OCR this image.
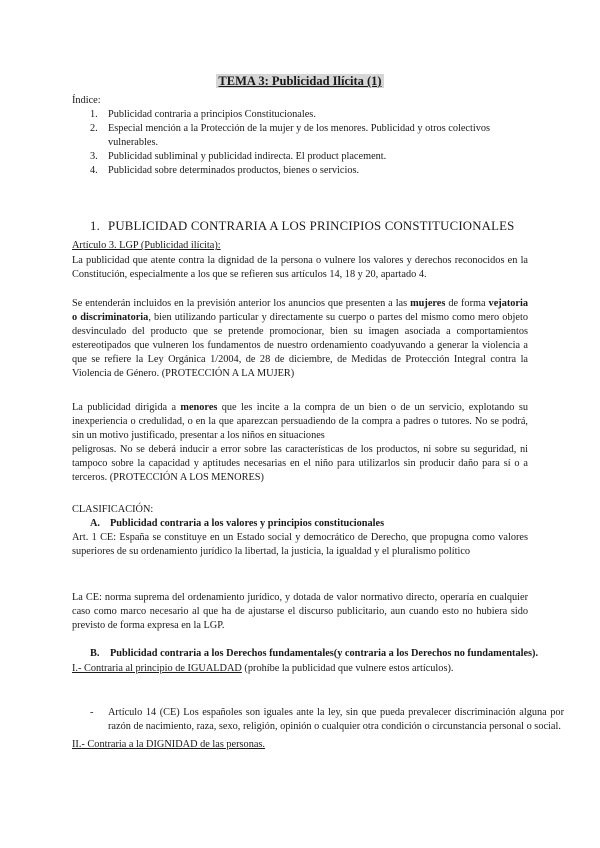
TEMA 3: Publicidad Ilícita (1)
Índice:
1. Publicidad contraria a principios Constitucionales.
2. Especial mención a la Protección de la mujer y de los menores. Publicidad y otros colectivos vulnerables.
3. Publicidad subliminal y publicidad indirecta. El product placement.
4. Publicidad sobre determinados productos, bienes o servicios.
1. PUBLICIDAD CONTRARIA A LOS PRINCIPIOS CONSTITUCIONALES
Artículo 3. LGP (Publicidad ilícita):
La publicidad que atente contra la dignidad de la persona o vulnere los valores y derechos reconocidos en la Constitución, especialmente a los que se refieren sus artículos 14, 18 y 20, apartado 4.
Se entenderán incluidos en la previsión anterior los anuncios que presenten a las mujeres de forma vejatoria o discriminatoria, bien utilizando particular y directamente su cuerpo o partes del mismo como mero objeto desvinculado del producto que se pretende promocionar, bien su imagen asociada a comportamientos estereotipados que vulneren los fundamentos de nuestro ordenamiento coadyuvando a generar la violencia a que se refiere la Ley Orgánica 1/2004, de 28 de diciembre, de Medidas de Protección Integral contra la Violencia de Género. (PROTECCIÓN A LA MUJER)
La publicidad dirigida a menores que les incite a la compra de un bien o de un servicio, explotando su inexperiencia o credulidad, o en la que aparezcan persuadiendo de la compra a padres o tutores. No se podrá, sin un motivo justificado, presentar a los niños en situaciones
peligrosas. No se deberá inducir a error sobre las características de los productos, ni sobre su seguridad, ni tampoco sobre la capacidad y aptitudes necesarias en el niño para utilizarlos sin producir daño para sí o a terceros. (PROTECCIÓN A LOS MENORES)
CLASIFICACIÓN:
A. Publicidad contraria a los valores y principios constitucionales
Art. 1 CE: España se constituye en un Estado social y democrático de Derecho, que propugna como valores superiores de su ordenamiento jurídico la libertad, la justicia, la igualdad y el pluralismo político
La CE: norma suprema del ordenamiento jurídico, y dotada de valor normativo directo, operaría en cualquier caso como marco necesario al que ha de ajustarse el discurso publicitario, aun cuando esto no hubiera sido previsto de forma expresa en la LGP.
B. Publicidad contraria a los Derechos fundamentales(y contraria a los Derechos no fundamentales).
I.- Contraria al principio de IGUALDAD (prohíbe la publicidad que vulnere estos artículos).
- Artículo 14 (CE) Los españoles son iguales ante la ley, sin que pueda prevalecer discriminación alguna por razón de nacimiento, raza, sexo, religión, opinión o cualquier otra condición o circunstancia personal o social.
II.- Contraria a la DIGNIDAD de las personas.
